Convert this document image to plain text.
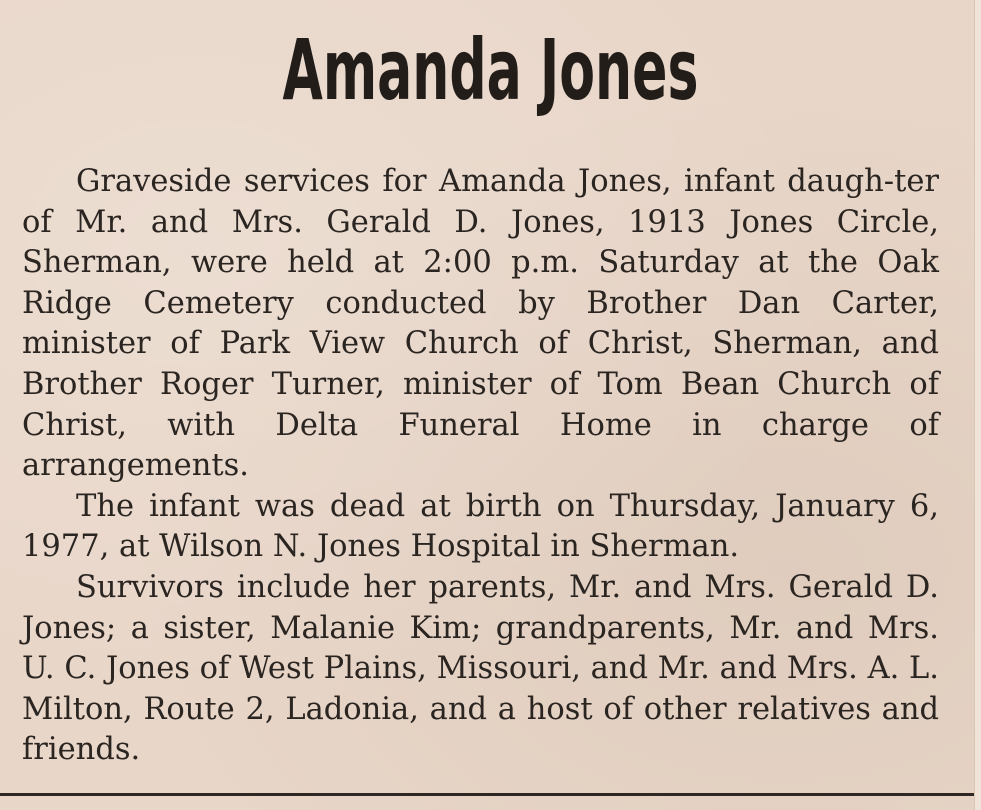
Amanda Jones

Graveside services for Amanda Jones, infant daugh-ter of Mr. and Mrs. Gerald D. Jones, 1913 Jones Circle, Sherman, were held at 2:00 p.m. Saturday at the Oak Ridge Cemetery conducted by Brother Dan Carter, minister of Park View Church of Christ, Sherman, and Brother Roger Turner, minister of Tom Bean Church of Christ, with Delta Funeral Home in charge of arrangements.

The infant was dead at birth on Thursday, January 6, 1977, at Wilson N. Jones Hospital in Sherman.

Survivors include her parents, Mr. and Mrs. Gerald D. Jones; a sister, Malanie Kim; grandparents, Mr. and Mrs. U. C. Jones of West Plains, Missouri, and Mr. and Mrs. A. L. Milton, Route 2, Ladonia, and a host of other relatives and friends.
